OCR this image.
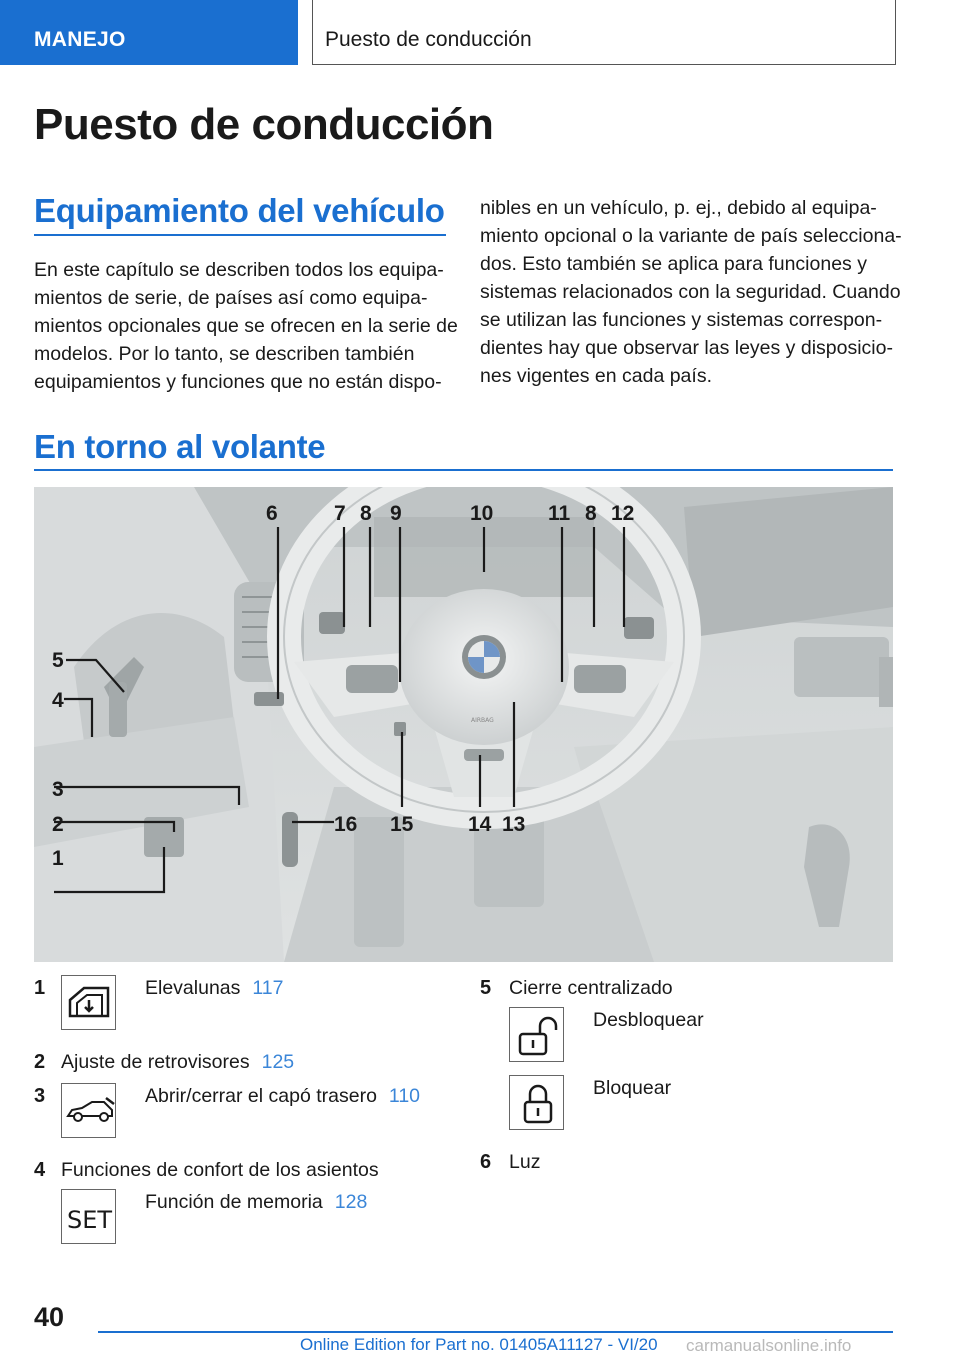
MANEJO	Puesto de conducción
Puesto de conducción
Equipamiento del vehículo
En este capítulo se describen todos los equipa-
mientos de serie, de países así como equipa-
mientos opcionales que se ofrecen en la serie de
modelos. Por lo tanto, se describen también
equipamientos y funciones que no están dispo-
nibles en un vehículo, p. ej., debido al equipa-
miento opcional o la variante de país selecciona-
dos. Esto también se aplica para funciones y
sistemas relacionados con la seguridad. Cuando
se utilizan las funciones y sistemas correspon-
dientes hay que observar las leyes y disposicio-
nes vigentes en cada país.
En torno al volante
AIRBAG
1
2
3
4
5
6	7 8 9	10	11 8 12
13
14
15
16
1	Elevalunas 117
2 Ajuste de retrovisores 125
3	Abrir/cerrar el capó trasero 110
4 Funciones de confort de los asientos
SET
Función de memoria 128
5 Cierre centralizado
Desbloquear
Bloquear
6 Luz
40
Online Edition for Part no. 01405A11127 - VI/20 carmanualsonline.info
